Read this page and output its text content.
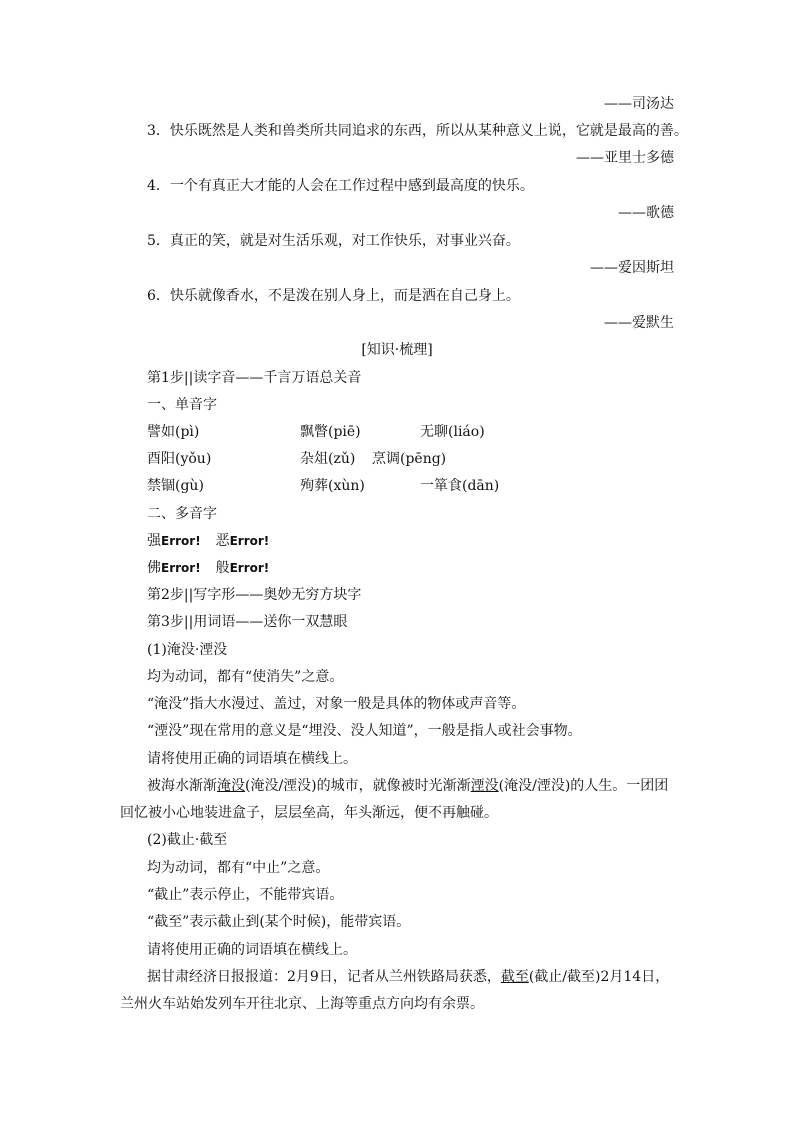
——司汤达
3．快乐既然是人类和兽类所共同追求的东西，所以从某种意义上说，它就是最高的善。
——亚里士多德
4．一个有真正大才能的人会在工作过程中感到最高度的快乐。
——歌德
5．真正的笑，就是对生活乐观，对工作快乐，对事业兴奋。
——爱因斯坦
6．快乐就像香水，不是泼在别人身上，而是洒在自己身上。
——爱默生
[知识·梳理]
第1步||读字音——千言万语总关音
一、单音字
譬如(pì)	飘瞥(piē)	无聊(liáo)
酉阳(yǒu)	杂俎(zǔ) 烹调(pēng)
禁锢(gù)	殉葬(xùn)	一箪食(dān)
二、多音字
强Error! 恶Error!
佛Error! 般Error!
第2步||写字形——奥妙无穷方块字
第3步||用词语——送你一双慧眼
(1)淹没·湮没
均为动词，都有“使消失”之意。
“淹没”指大水漫过、盖过，对象一般是具体的物体或声音等。
“湮没”现在常用的意义是“埋没、没人知道”，一般是指人或社会事物。
请将使用正确的词语填在横线上。
被海水渐渐淹没(淹没/湮没)的城市，就像被时光渐渐湮没(淹没/湮没)的人生。一团团
回忆被小心地装进盒子，层层垒高，年头渐远，便不再触碰。
(2)截止·截至
均为动词，都有“中止”之意。
“截止”表示停止，不能带宾语。
“截至”表示截止到(某个时候)，能带宾语。
请将使用正确的词语填在横线上。
据甘肃经济日报报道：2月9日，记者从兰州铁路局获悉，截至(截止/截至)2月14日，
兰州火车站始发列车开往北京、上海等重点方向均有余票。
